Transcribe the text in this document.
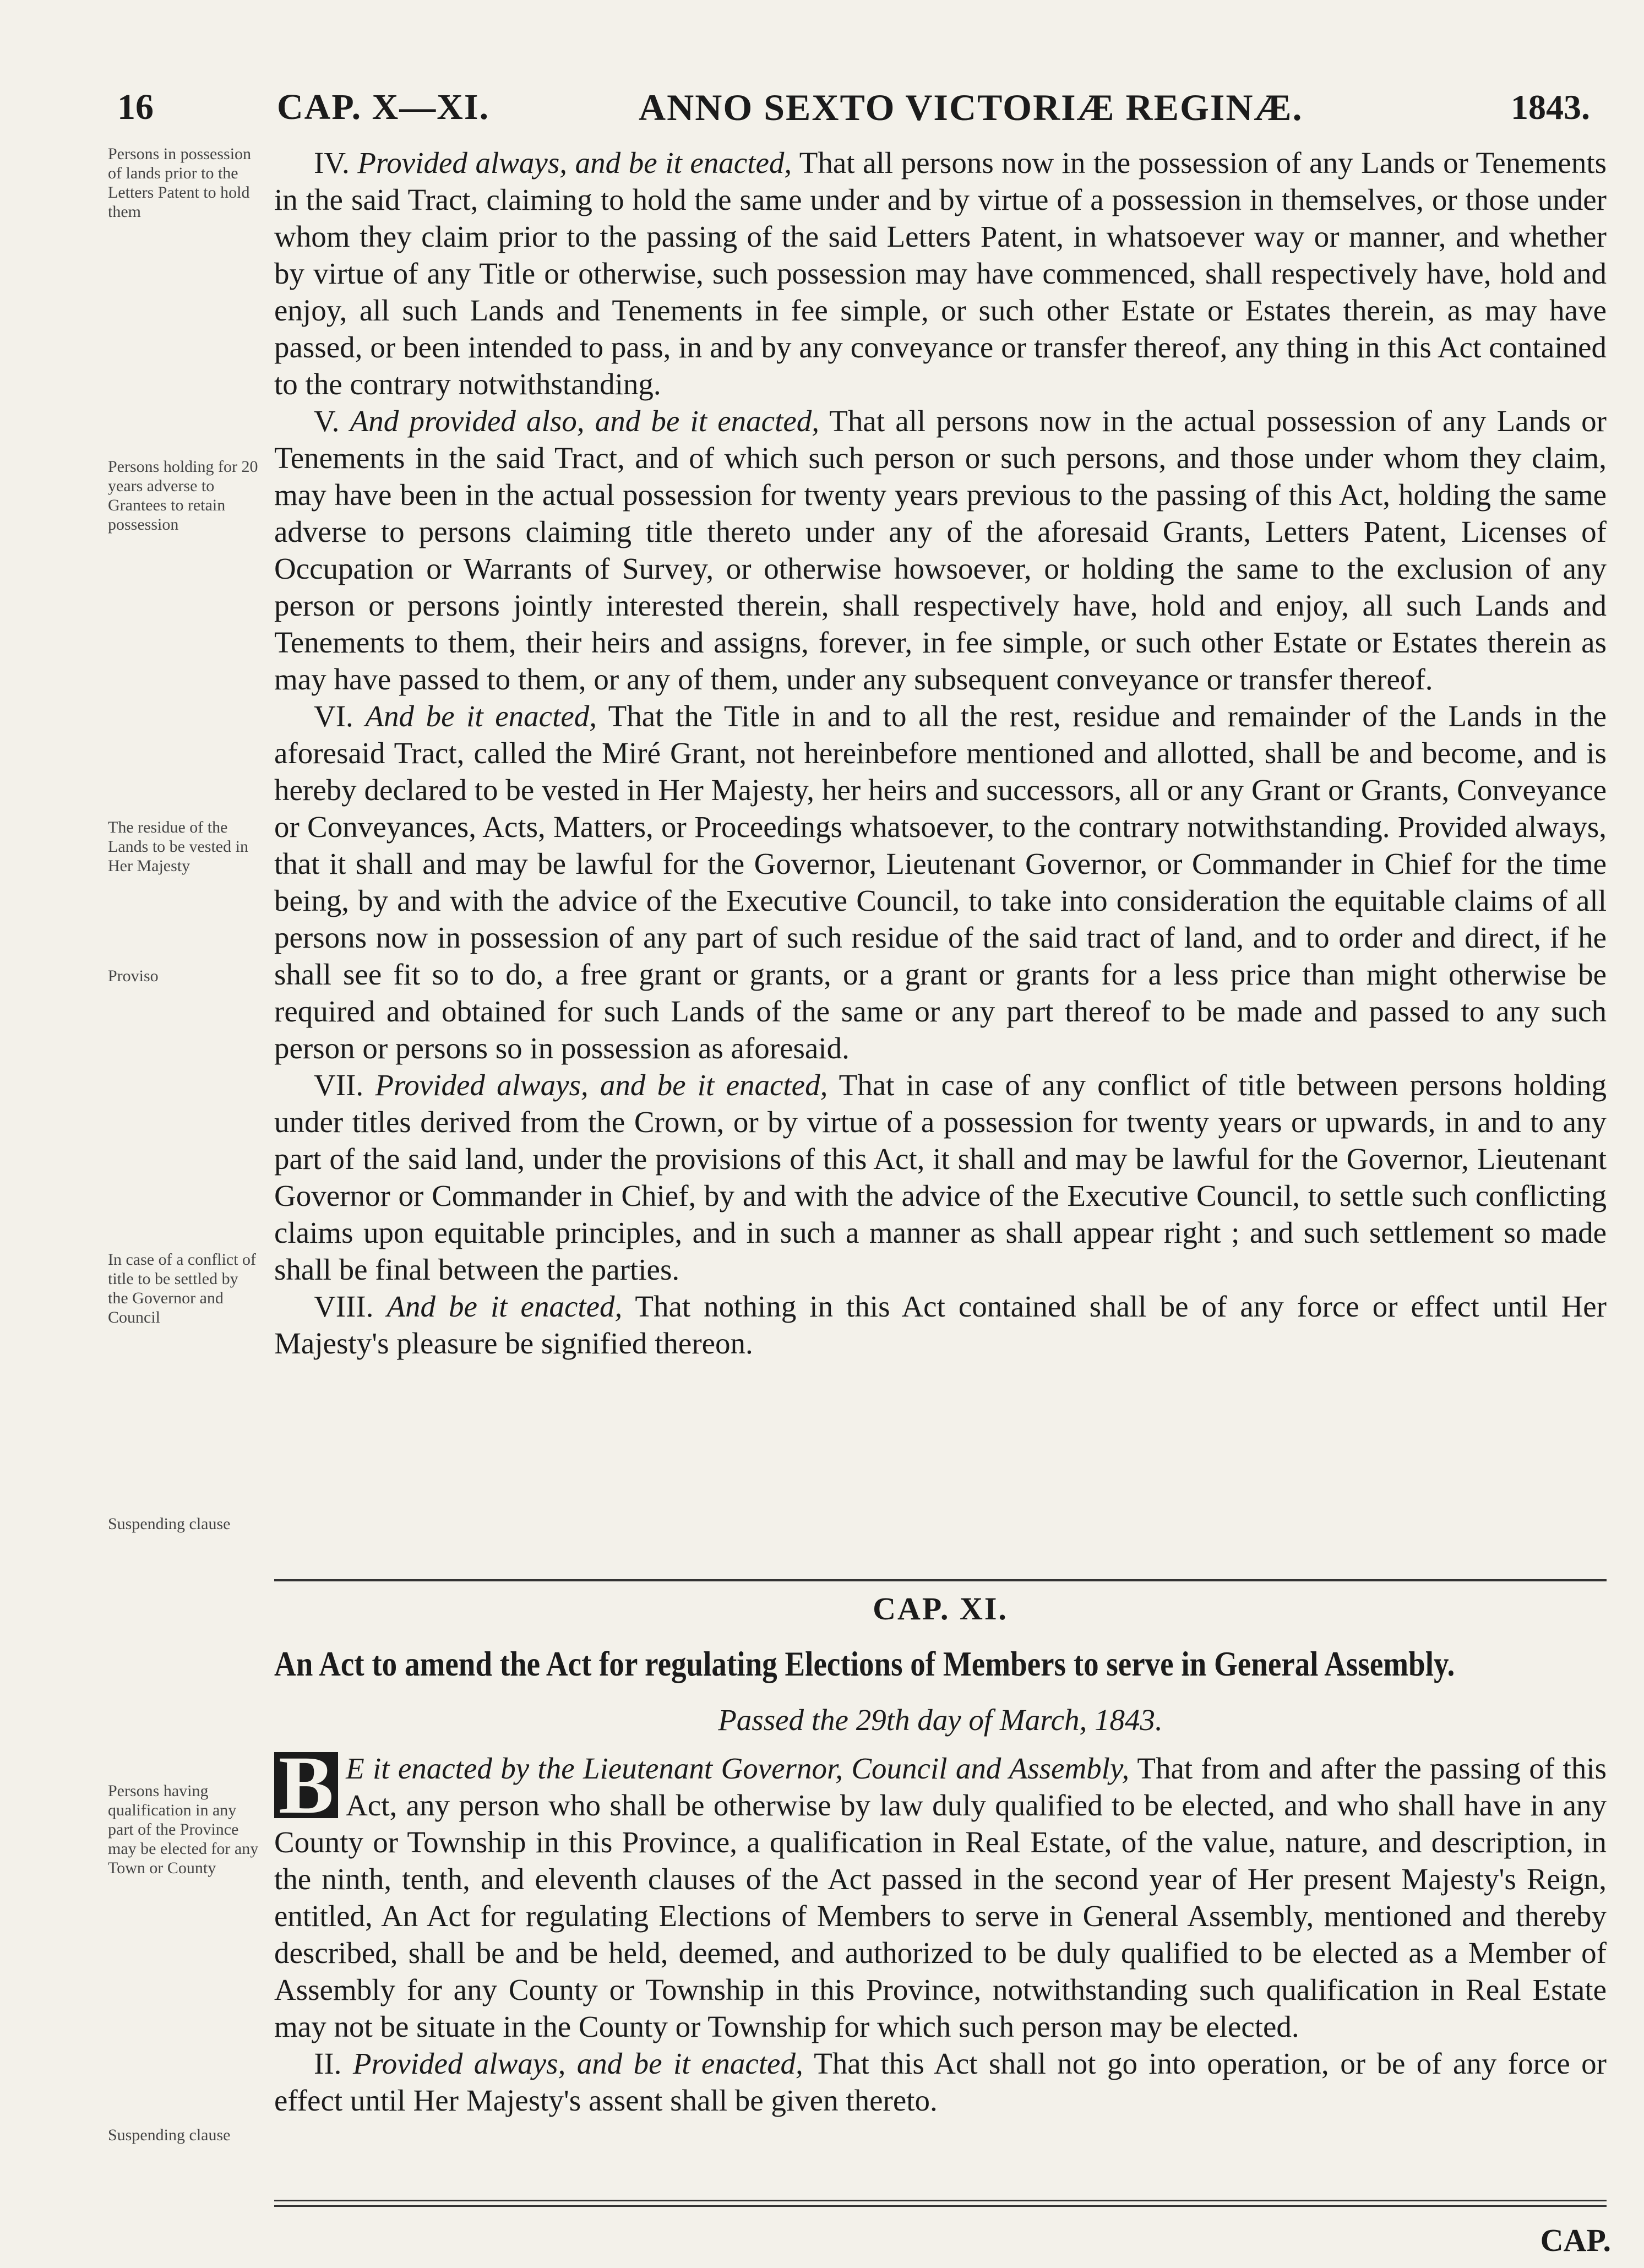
16	CAP. X—XI.	ANNO SEXTO VICTORIÆ REGINÆ.	1843.
Persons in possession of lands prior to the Letters Patent to hold them
Persons holding for 20 years adverse to Grantees to retain possession
The residue of the Lands to be vested in Her Majesty
Proviso
In case of a conflict of title to be settled by the Governor and Council
Suspending clause
Persons having qualification in any part of the Province may be elected for any Town or County
Suspending clause

IV. Provided always, and be it enacted, That all persons now in the possession of any Lands or Tenements in the said Tract, claiming to hold the same under and by virtue of a possession in themselves, or those under whom they claim prior to the passing of the said Letters Patent, in whatsoever way or manner, and whether by virtue of any Title or otherwise, such possession may have commenced, shall respectively have, hold and enjoy, all such Lands and Tenements in fee simple, or such other Estate or Estates therein, as may have passed, or been intended to pass, in and by any conveyance or transfer thereof, any thing in this Act contained to the contrary notwithstanding.

V. And provided also, and be it enacted, That all persons now in the actual possession of any Lands or Tenements in the said Tract, and of which such person or such persons, and those under whom they claim, may have been in the actual possession for twenty years previous to the passing of this Act, holding the same adverse to persons claiming title thereto under any of the aforesaid Grants, Letters Patent, Licenses of Occupation or Warrants of Survey, or otherwise howsoever, or holding the same to the exclusion of any person or persons jointly interested therein, shall respectively have, hold and enjoy, all such Lands and Tenements to them, their heirs and assigns, forever, in fee simple, or such other Estate or Estates therein as may have passed to them, or any of them, under any subsequent conveyance or transfer thereof.

VI. And be it enacted, That the Title in and to all the rest, residue and remainder of the Lands in the aforesaid Tract, called the Miré Grant, not hereinbefore mentioned and allotted, shall be and become, and is hereby declared to be vested in Her Majesty, her heirs and successors, all or any Grant or Grants, Conveyance or Conveyances, Acts, Matters, or Proceedings whatsoever, to the contrary notwithstanding. Provided always, that it shall and may be lawful for the Governor, Lieutenant Governor, or Commander in Chief for the time being, by and with the advice of the Executive Council, to take into consideration the equitable claims of all persons now in possession of any part of such residue of the said tract of land, and to order and direct, if he shall see fit so to do, a free grant or grants, or a grant or grants for a less price than might otherwise be required and obtained for such Lands of the same or any part thereof to be made and passed to any such person or persons so in possession as aforesaid.

VII. Provided always, and be it enacted, That in case of any conflict of title between persons holding under titles derived from the Crown, or by virtue of a possession for twenty years or upwards, in and to any part of the said land, under the provisions of this Act, it shall and may be lawful for the Governor, Lieutenant Governor or Commander in Chief, by and with the advice of the Executive Council, to settle such conflicting claims upon equitable principles, and in such a manner as shall appear right ; and such settlement so made shall be final between the parties.

VIII. And be it enacted, That nothing in this Act contained shall be of any force or effect until Her Majesty's pleasure be signified thereon.

CAP. XI.
An Act to amend the Act for regulating Elections of Members to serve in General Assembly.
Passed the 29th day of March, 1843.

B E it enacted by the Lieutenant Governor, Council and Assembly, That from and after the passing of this Act, any person who shall be otherwise by law duly qualified to be elected, and who shall have in any County or Township in this Province, a qualification in Real Estate, of the value, nature, and description, in the ninth, tenth, and eleventh clauses of the Act passed in the second year of Her present Majesty's Reign, entitled, An Act for regulating Elections of Members to serve in General Assembly, mentioned and thereby described, shall be and be held, deemed, and authorized to be duly qualified to be elected as a Member of Assembly for any County or Township in this Province, notwithstanding such qualification in Real Estate may not be situate in the County or Township for which such person may be elected.

II. Provided always, and be it enacted, That this Act shall not go into operation, or be of any force or effect until Her Majesty's assent shall be given thereto.

CAP.
